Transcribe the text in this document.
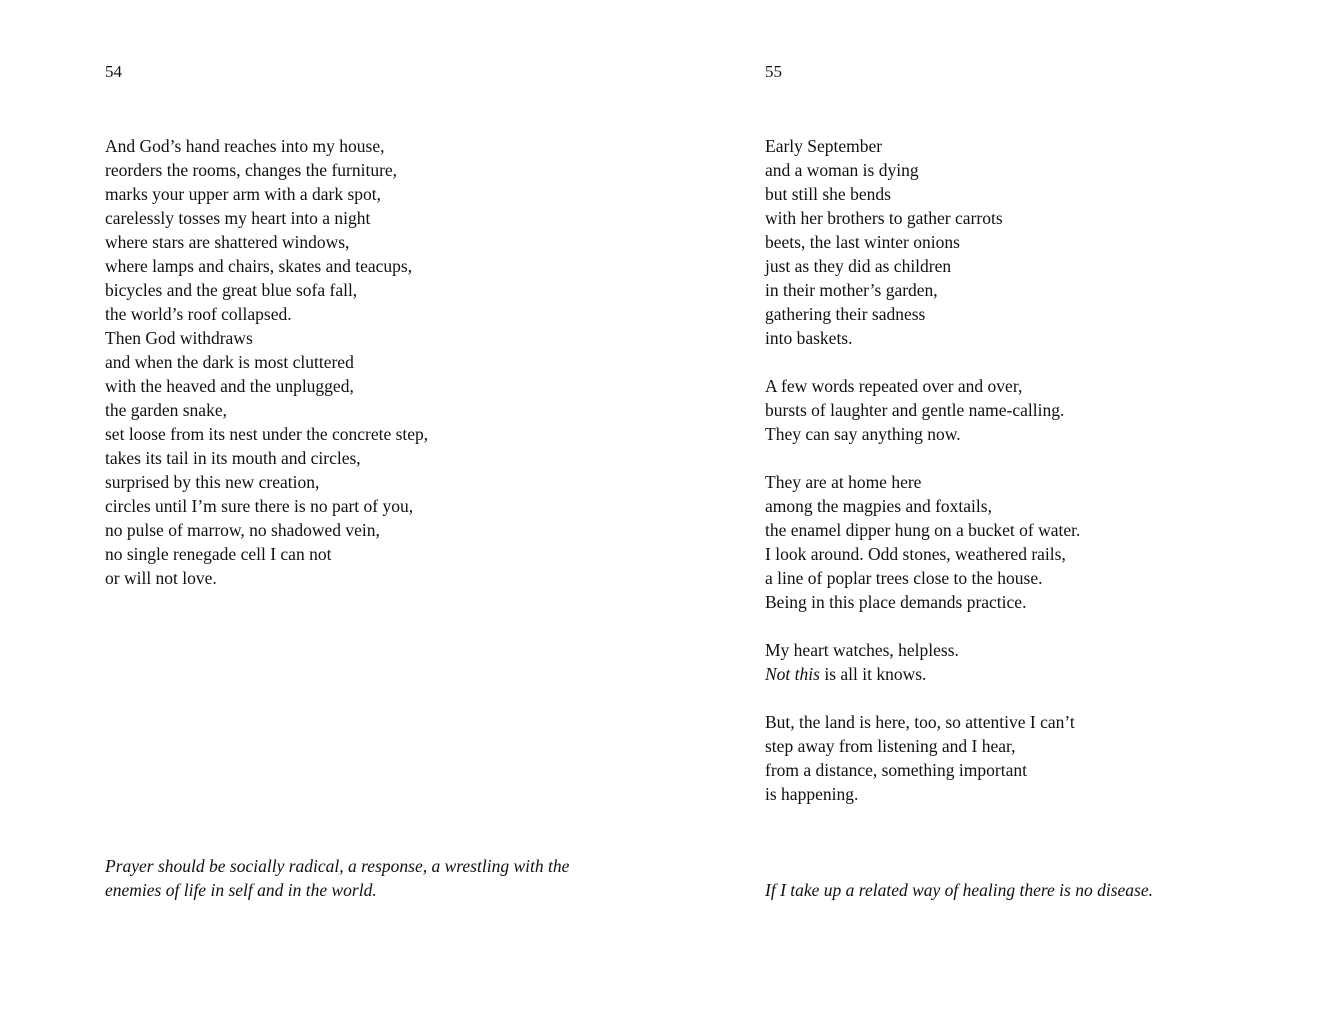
54
And God’s hand reaches into my house,
reorders the rooms, changes the furniture,
marks your upper arm with a dark spot,
carelessly tosses my heart into a night
where stars are shattered windows,
where lamps and chairs, skates and teacups,
bicycles and the great blue sofa fall,
the world’s roof collapsed.
Then God withdraws
and when the dark is most cluttered
with the heaved and the unplugged,
the garden snake,
set loose from its nest under the concrete step,
takes its tail in its mouth and circles,
surprised by this new creation,
circles until I’m sure there is no part of you,
no pulse of marrow, no shadowed vein,
no single renegade cell I can not
or will not love.
Prayer should be socially radical, a response, a wrestling with the
enemies of life in self and in the world.
55
Early September
and a woman is dying
but still she bends
with her brothers to gather carrots
beets, the last winter onions
just as they did as children
in their mother’s garden,
gathering their sadness
into baskets.
A few words repeated over and over,
bursts of laughter and gentle name-calling.
They can say anything now.
They are at home here
among the magpies and foxtails,
the enamel dipper hung on a bucket of water.
I look around. Odd stones, weathered rails,
a line of poplar trees close to the house.
Being in this place demands practice.
My heart watches, helpless.
Not this is all it knows.
But, the land is here, too, so attentive I can’t
step away from listening and I hear,
from a distance, something important
is happening.
If I take up a related way of healing there is no disease.
